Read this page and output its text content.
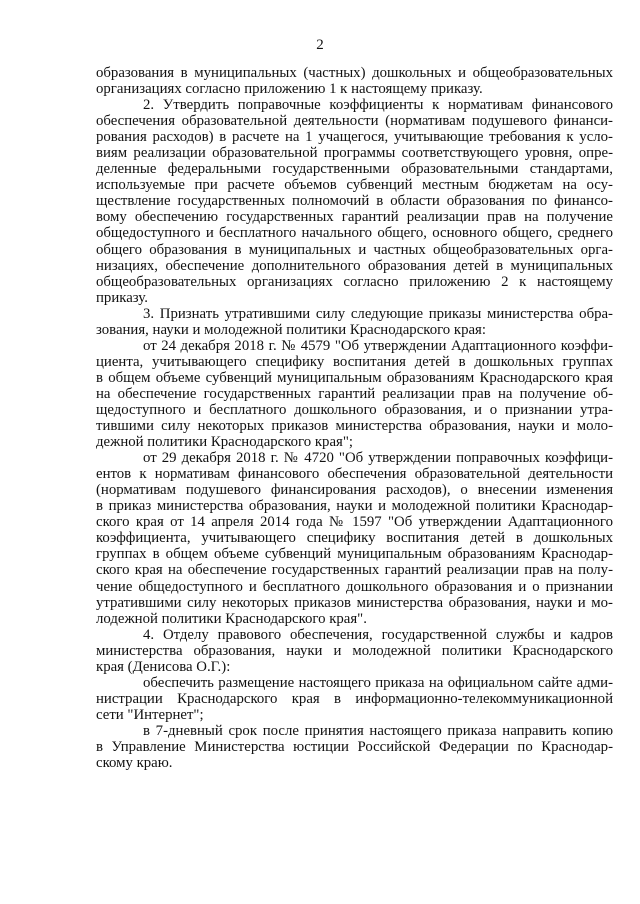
2

образования в муниципальных (частных) дошкольных и общеобразовательных
организациях согласно приложению 1 к настоящему приказу.

2. Утвердить поправочные коэффициенты к нормативам финансового
обеспечения образовательной деятельности (нормативам подушевого финанси-
рования расходов) в расчете на 1 учащегося, учитывающие требования к усло-
виям реализации образовательной программы соответствующего уровня, опре-
деленные федеральными государственными образовательными стандартами,
используемые при расчете объемов субвенций местным бюджетам на осу-
ществление государственных полномочий в области образования по финансо-
вому обеспечению государственных гарантий реализации прав на получение
общедоступного и бесплатного начального общего, основного общего, среднего
общего образования в муниципальных и частных общеобразовательных орга-
низациях, обеспечение дополнительного образования детей в муниципальных
общеобразовательных организациях согласно приложению 2 к настоящему
приказу.

3. Признать утратившими силу следующие приказы министерства обра-
зования, науки и молодежной политики Краснодарского края:

от 24 декабря 2018 г. № 4579 "Об утверждении Адаптационного коэффи-
циента, учитывающего специфику воспитания детей в дошкольных группах
в общем объеме субвенций муниципальным образованиям Краснодарского края
на обеспечение государственных гарантий реализации прав на получение об-
щедоступного и бесплатного дошкольного образования, и о признании утра-
тившими силу некоторых приказов министерства образования, науки и моло-
дежной политики Краснодарского края";

от 29 декабря 2018 г. № 4720 "Об утверждении поправочных коэффици-
ентов к нормативам финансового обеспечения образовательной деятельности
(нормативам подушевого финансирования расходов), о внесении изменения
в приказ министерства образования, науки и молодежной политики Краснодар-
ского края от 14 апреля 2014 года № 1597 "Об утверждении Адаптационного
коэффициента, учитывающего специфику воспитания детей в дошкольных
группах в общем объеме субвенций муниципальным образованиям Краснодар-
ского края на обеспечение государственных гарантий реализации прав на полу-
чение общедоступного и бесплатного дошкольного образования и о признании
утратившими силу некоторых приказов министерства образования, науки и мо-
лодежной политики Краснодарского края".

4. Отделу правового обеспечения, государственной службы и кадров
министерства образования, науки и молодежной политики Краснодарского
края (Денисова О.Г.):

обеспечить размещение настоящего приказа на официальном сайте адми-
нистрации Краснодарского края в информационно-телекоммуникационной
сети "Интернет";

в 7-дневный срок после принятия настоящего приказа направить копию
в Управление Министерства юстиции Российской Федерации по Краснодар-
скому краю.
